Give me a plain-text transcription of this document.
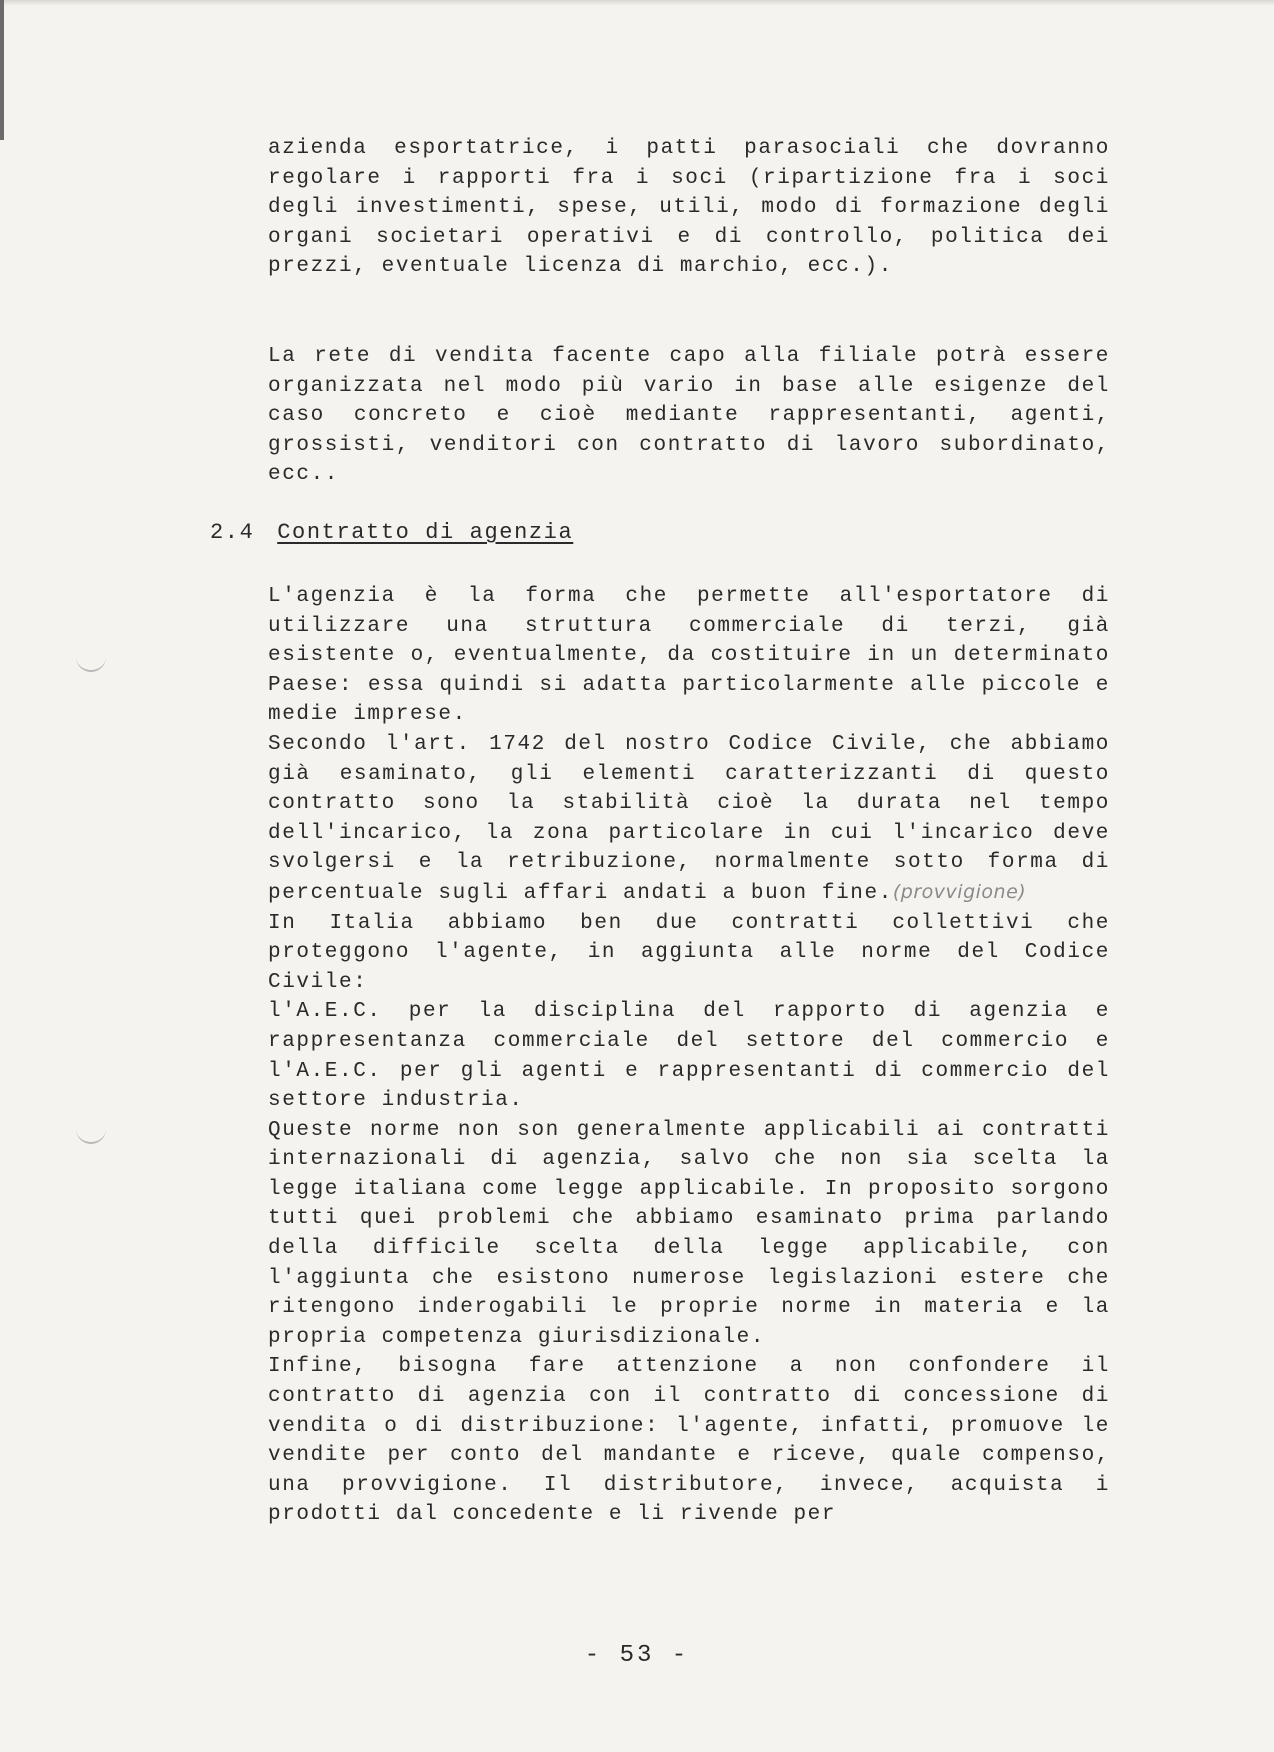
azienda esportatrice, i patti parasociali che dovranno regolare i rapporti fra i soci (ripartizione fra i soci degli investimenti, spese, utili, modo di formazione degli organi societari operativi e di controllo, politica dei prezzi, eventuale licenza di marchio, ecc.).

La rete di vendita facente capo alla filiale potrà essere organizzata nel modo più vario in base alle esigenze del caso concreto e cioè mediante rappresentanti, agenti, grossisti, venditori con contratto di lavoro subordinato, ecc..

2.4 Contratto di agenzia

L'agenzia è la forma che permette all'esportatore di utilizzare una struttura commerciale di terzi, già esistente o, eventualmente, da costituire in un determinato Paese: essa quindi si adatta particolarmente alle piccole e medie imprese.

Secondo l'art. 1742 del nostro Codice Civile, che abbiamo già esaminato, gli elementi caratterizzanti di questo contratto sono la stabilità cioè la durata nel tempo dell'incarico, la zona particolare in cui l'incarico deve svolgersi e la retribuzione, normalmente sotto forma di percentuale sugli affari andati a buon fine.(provvigione)

In Italia abbiamo ben due contratti collettivi che proteggono l'agente, in aggiunta alle norme del Codice Civile:

l'A.E.C. per la disciplina del rapporto di agenzia e rappresentanza commerciale del settore del commercio e l'A.E.C. per gli agenti e rappresentanti di commercio del settore industria.

Queste norme non son generalmente applicabili ai contratti internazionali di agenzia, salvo che non sia scelta la legge italiana come legge applicabile. In proposito sorgono tutti quei problemi che abbiamo esaminato prima parlando della difficile scelta della legge applicabile, con l'aggiunta che esistono numerose legislazioni estere che ritengono inderogabili le proprie norme in materia e la propria competenza giurisdizionale.

Infine, bisogna fare attenzione a non confondere il contratto di agenzia con il contratto di concessione di vendita o di distribuzione: l'agente, infatti, promuove le vendite per conto del mandante e riceve, quale compenso, una provvigione. Il distributore, invece, acquista i prodotti dal concedente e li rivende per

- 53 -
